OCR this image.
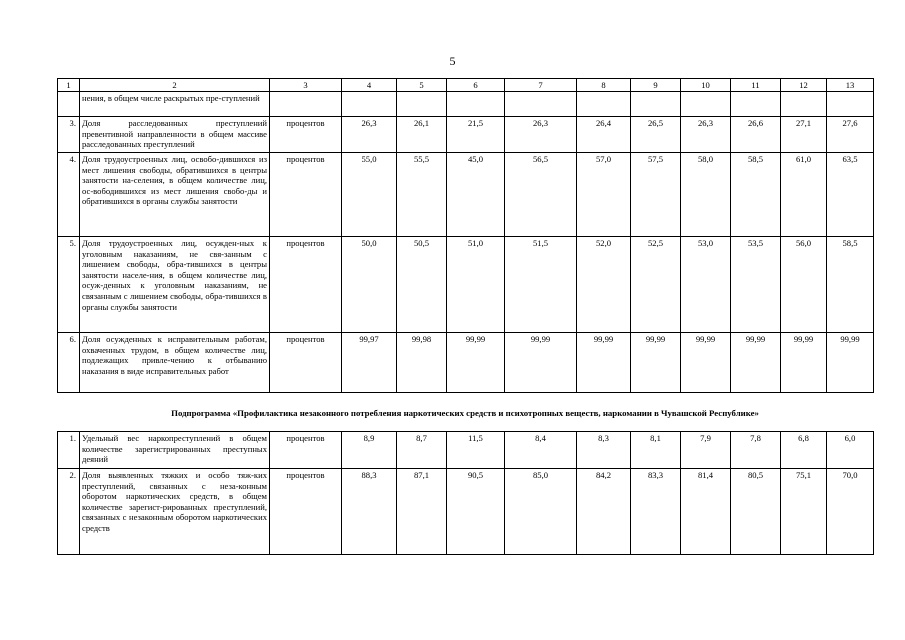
5
1	2	3	4	5	6	7	8	9	10	11	12	13
	нения, в общем числе раскрытых пре-ступлений											
3.	Доля расследованных преступлений превентивной направленности в общем массиве расследованных преступлений	процентов	26,3	26,1	21,5	26,3	26,4	26,5	26,3	26,6	27,1	27,6
4.	Доля трудоустроенных лиц, освобо-дившихся из мест лишения свободы, обратившихся в центры занятости на-селения, в общем количестве лиц, ос-вободившихся из мест лишения свобо-ды и обратившихся в органы службы занятости	процентов	55,0	55,5	45,0	56,5	57,0	57,5	58,0	58,5	61,0	63,5
5.	Доля трудоустроенных лиц, осужден-ных к уголовным наказаниям, не свя-занным с лишением свободы, обра-тившихся в центры занятости населе-ния, в общем количестве лиц, осуж-денных к уголовным наказаниям, не связанным с лишением свободы, обра-тившихся в органы службы занятости	процентов	50,0	50,5	51,0	51,5	52,0	52,5	53,0	53,5	56,0	58,5
6.	Доля осужденных к исправительным работам, охваченных трудом, в общем количестве лиц, подлежащих привле-чению к отбыванию наказания в виде исправительных работ	процентов	99,97	99,98	99,99	99,99	99,99	99,99	99,99	99,99	99,99	99,99
Подпрограмма «Профилактика незаконного потребления наркотических средств и психотропных веществ, наркомании в Чувашской Республике»
1.	Удельный вес наркопреступлений в общем количестве зарегистрированных преступных деяний	процентов	8,9	8,7	11,5	8,4	8,3	8,1	7,9	7,8	6,8	6,0
2.	Доля выявленных тяжких и особо тяж-ких преступлений, связанных с неза-конным оборотом наркотических средств, в общем количестве зарегист-рированных преступлений, связанных с незаконным оборотом наркотических средств	процентов	88,3	87,1	90,5	85,0	84,2	83,3	81,4	80,5	75,1	70,0
